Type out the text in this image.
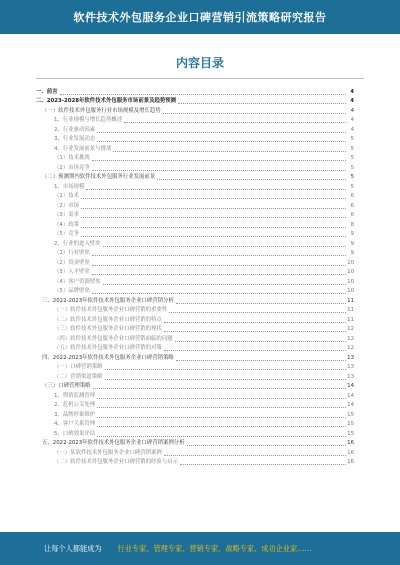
软件技术外包服务企业口碑营销引流策略研究报告
内容目录
一、前言	4
二、2023-2028年软件技术外包服务市场前景及趋势预测	4
（一）软件技术外包服务行业市场规模及增长趋势	4
1、行业规模与增长趋势概述	4
2、行业驱动因素	4
3、行业发展动态	5
4、行业发展前景与挑战	5
（1）技术挑战	5
（2）市场竞争	5
（二）预测期内软件技术外包服务行业发展前景	5
1、市场规模	5
（1）技术	6
（2）市场	6
（3）需求	6
（4）政策	8
（5）竞争	9
2、行业的进入壁垒	9
（1）行业壁垒	9
（2）资金壁垒	10
（3）人才壁垒	10
（4）客户资源壁垒	10
（5）品牌壁垒	10
三、2022-2023年软件技术外包服务企业口碑营销分析	11
（一）软件技术外包服务企业口碑营销的重要性	11
（二）软件技术外包服务企业口碑营销的特点	11
（三）软件技术外包服务企业口碑营销的现状	12
（四）软件技术外包服务企业口碑营销面临的问题	12
（五）软件技术外包服务企业口碑营销的对策	12
四、2022-2023年软件技术外包服务企业口碑营销策略	13
（一）口碑营销策略	13
（二）营销渠道策略	13
（三）口碑管理策略	14
1、舆情监测管理	14
2、危机公关处理	14
3、品牌形象维护	15
4、客户关系管理	15
5、口碑效果评估	15
五、2022-2023年软件技术外包服务企业口碑营销案例分析	16
（一）某软件技术外包服务企业口碑营销案例	16
（二）软件技术外包服务企业口碑营销的经验与启示	16
让每个人都能成为 行业专家、管理专家、营销专家、战略专家、成功企业家……
